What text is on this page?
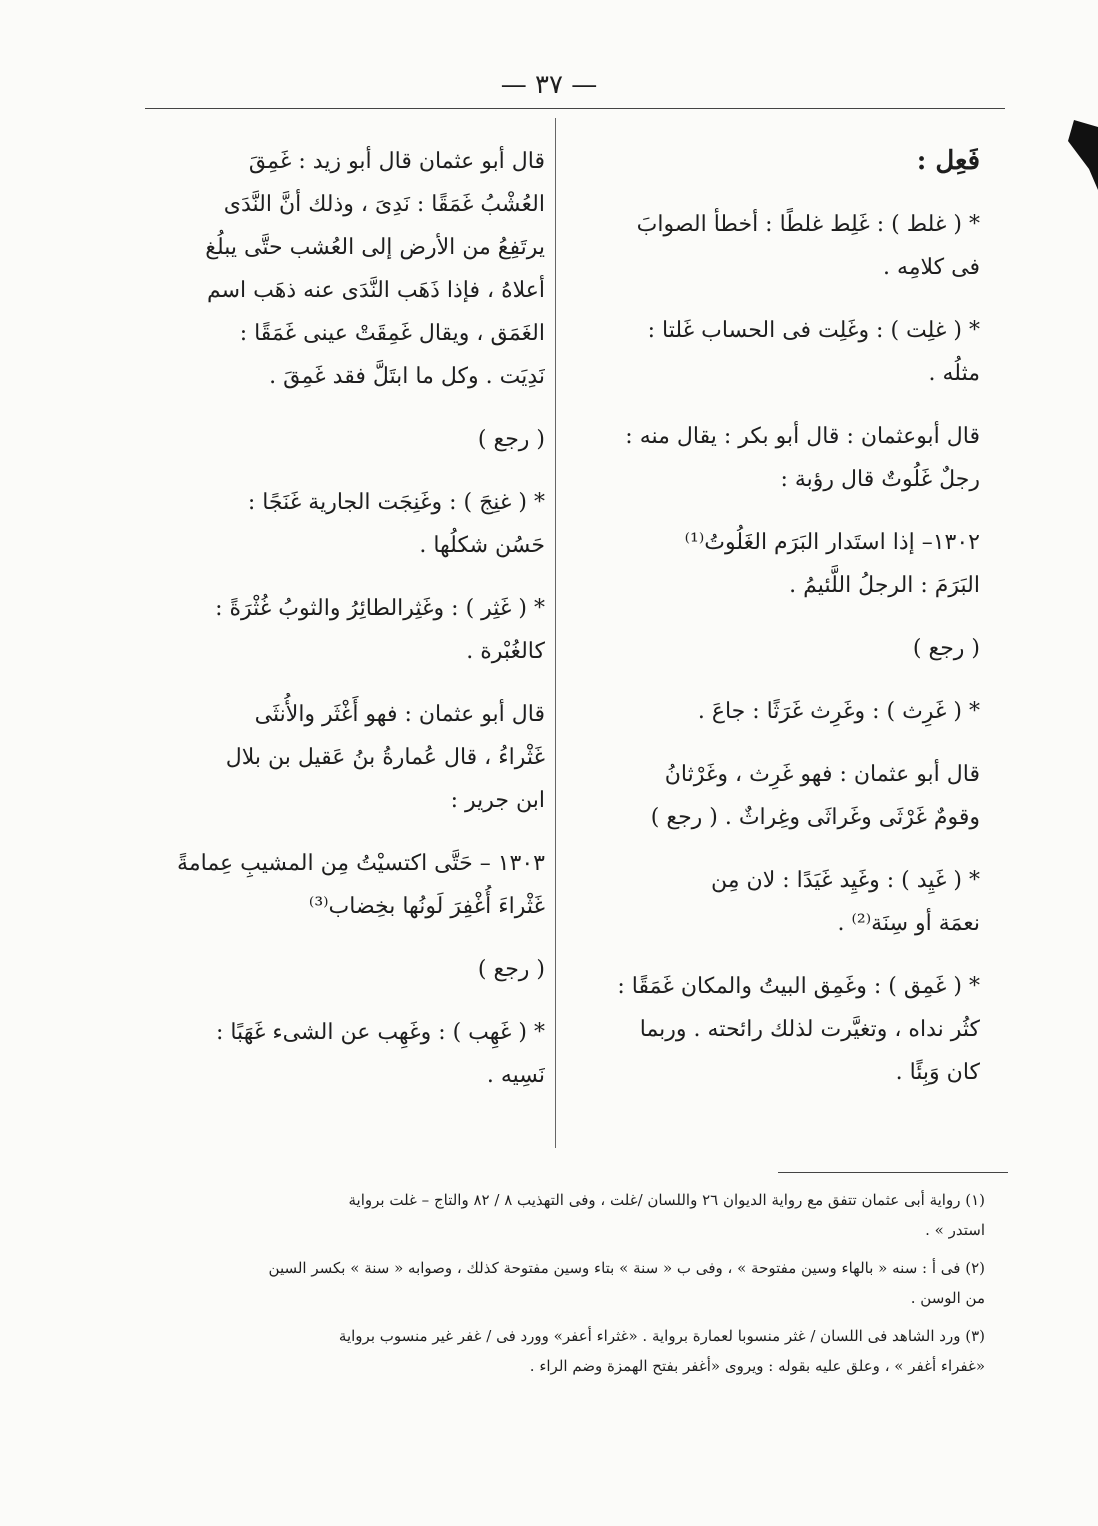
— ٣٧ —
فَعِل :
* ( غلط ) : غَلِط غلطًا : أخطأ الصوابَ
فى كلامِه .
* ( غلِت ) : وغَلِت فى الحساب غَلتا :
مثلُه .
قال أبوعثمان : قال أبو بكر : يقال منه :
رجلٌ غَلُوتٌ قال رؤبة :
١٣٠٢– إذا استَدار البَرَم الغَلُوتُ⁽¹⁾
البَرَمَ : الرجلُ اللَّئيمُ .
( رجع )
* ( غَرِث ) : وغَرِث غَرَثًا : جاعَ .
قال أبو عثمان : فهو غَرِث ، وغَرْثانُ
وقومٌ غَرْثَى وغَراثَى وغِراثٌ . ( رجع )
* ( غَيِد ) : وغَيِد غَيَدًا : لان مِن
نعمَة أو سِنَة⁽²⁾ .
* ( غَمِق ) : وغَمِق البيتُ والمكان غَمَقًا :
كثُر نداه ، وتغيَّرت لذلك رائحته . وربما
كان وَبِئًا .
قال أبو عثمان قال أبو زيد : غَمِقَ
العُشْبُ غَمَقًا : نَدِىَ ، وذلك أنَّ النَّدَى
يرتَفِعُ من الأرض إلى العُشب حتَّى يبلُغ
أعلاهُ ، فإذا ذَهَب النَّدَى عنه ذهَب اسم
الغَمَق ، ويقال غَمِقَتْ عينى غَمَقًا :
نَدِيَت . وكل ما ابتَلَّ فقد غَمِقَ .
( رجع )
* ( غنِجَ ) : وغَنِجَت الجارية غَنَجًا :
حَسُن شكلُها .
* ( غَثِر ) : وغَثِرالطائِرُ والثوبُ غُثْرَةً :
كالغُبْرة .
قال أبو عثمان : فهو أَغْثَر والأُنثَى
غَثْراءُ ، قال عُمارةُ بنُ عَقيل بن بلال
ابن جرير :
١٣٠٣ – حَتَّى اكتسيْتُ مِن المشيبِ عِمامةً
غَثْراءَ أُغْفِرَ لَونُها بخِضاب⁽³⁾
( رجع )
* ( غَهِب ) : وغَهِب عن الشىء غَهَبًا :
نَسِيه .
(١) رواية أبى عثمان تتفق مع رواية الديوان ٢٦ واللسان /غلت ، وفى التهذيب ٨ / ٨٢ والتاج – غلت برواية
استدر » .
(٢) فى أ : سنه « بالهاء وسين مفتوحة » ، وفى ب « سنة » بتاء وسين مفتوحة كذلك ، وصوابه « سنة » بكسر السين
من الوسن .
(٣) ورد الشاهد فى اللسان / غثر منسوبا لعمارة برواية . «غثراء أعفر» وورد فى / غفر غير منسوب برواية
«غفراء أغفر » ، وعلق عليه بقوله : ويروى «أغفر بفتح الهمزة وضم الراء .
